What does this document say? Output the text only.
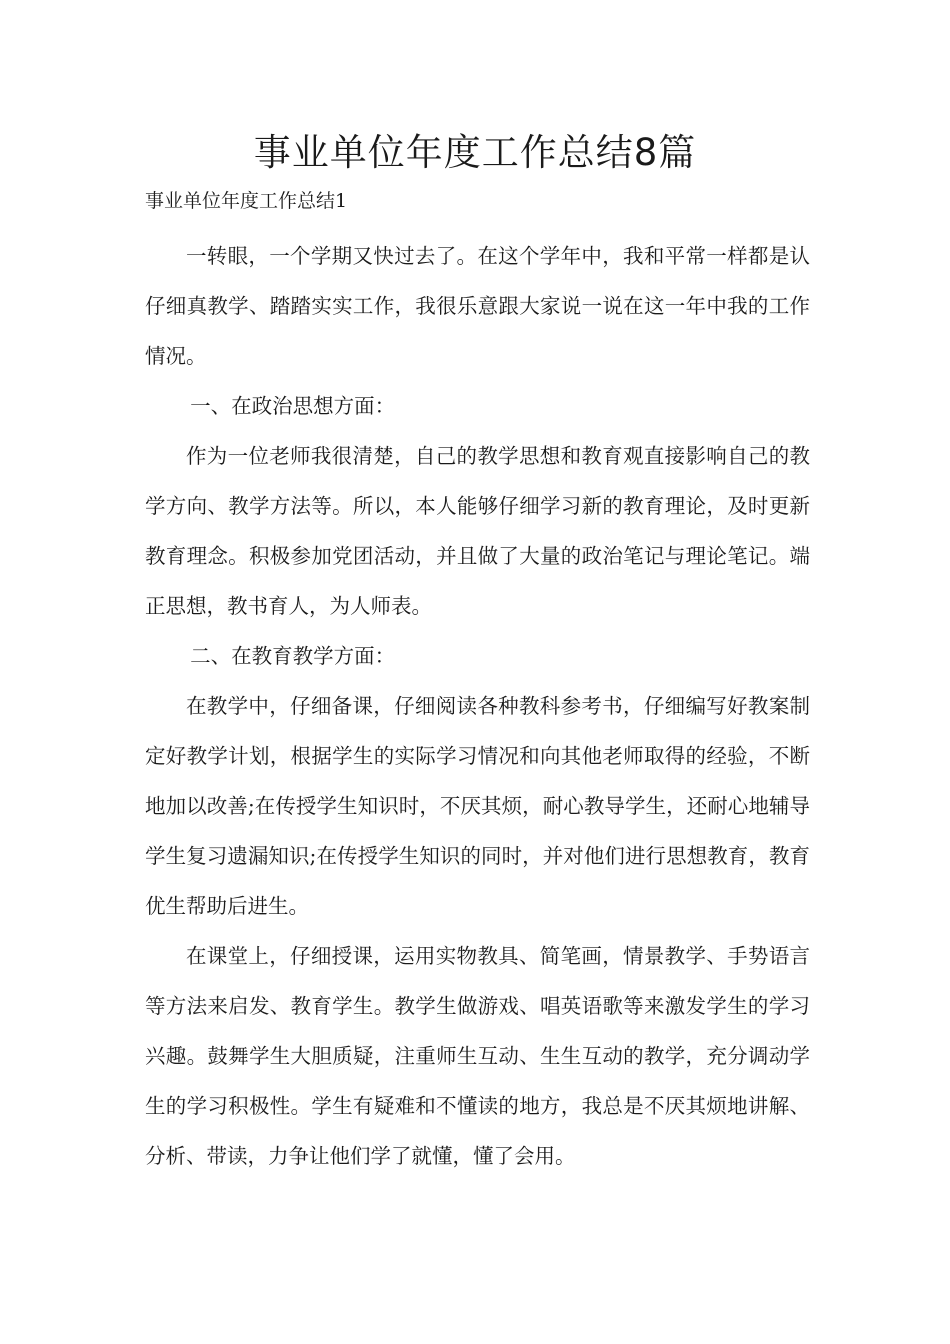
事业单位年度工作总结8篇
事业单位年度工作总结1

一转眼，一个学期又快过去了。在这个学年中，我和平常一样都是认仔细真教学、踏踏实实工作，我很乐意跟大家说一说在这一年中我的工作情况。

一、在政治思想方面：

作为一位老师我很清楚，自己的教学思想和教育观直接影响自己的教学方向、教学方法等。所以，本人能够仔细学习新的教育理论，及时更新教育理念。积极参加党团活动，并且做了大量的政治笔记与理论笔记。端正思想，教书育人，为人师表。

二、在教育教学方面：

在教学中，仔细备课，仔细阅读各种教科参考书，仔细编写好教案制定好教学计划，根据学生的实际学习情况和向其他老师取得的经验，不断地加以改善;在传授学生知识时，不厌其烦，耐心教导学生，还耐心地辅导学生复习遗漏知识;在传授学生知识的同时，并对他们进行思想教育，教育优生帮助后进生。

在课堂上，仔细授课，运用实物教具、简笔画，情景教学、手势语言等方法来启发、教育学生。教学生做游戏、唱英语歌等来激发学生的学习兴趣。鼓舞学生大胆质疑，注重师生互动、生生互动的教学，充分调动学生的学习积极性。学生有疑难和不懂读的地方，我总是不厌其烦地讲解、分析、带读，力争让他们学了就懂，懂了会用。
